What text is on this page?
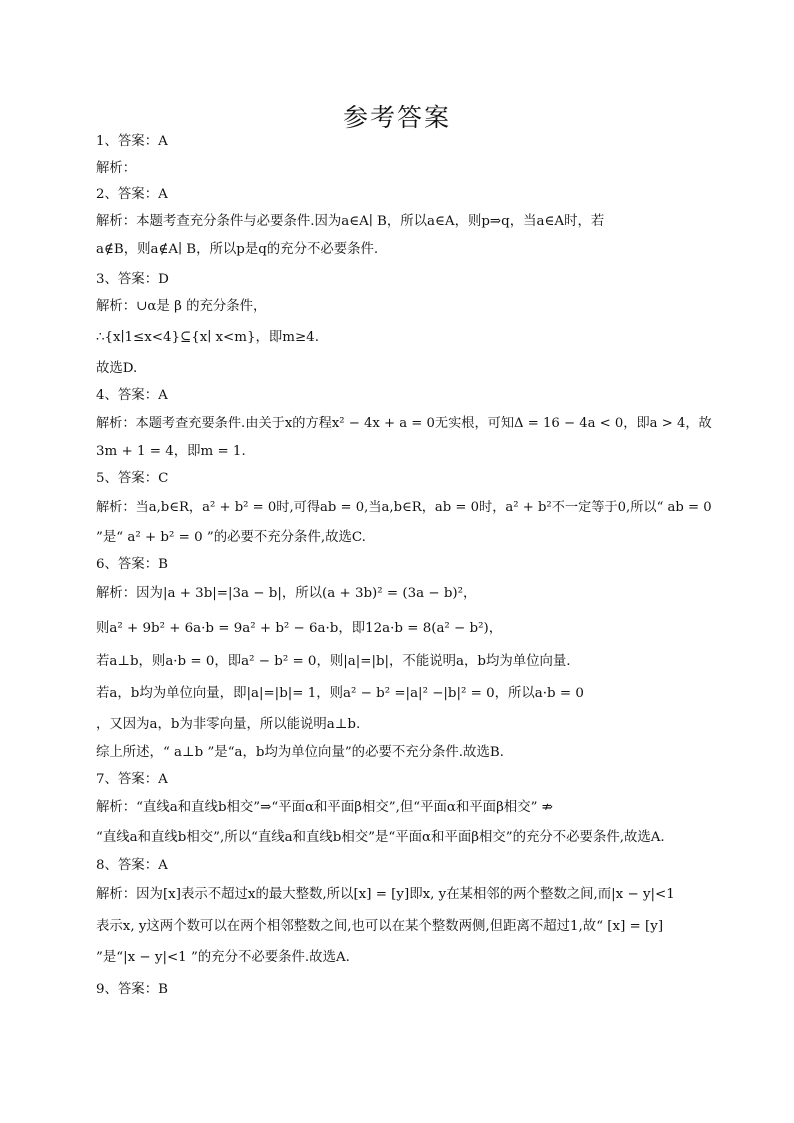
参考答案
1、答案：A
解析：
2、答案：A
解析：本题考查充分条件与必要条件.因为a∈A∣ B，所以a∈A，则p⇒q，当a∈A时，若
a∉B，则a∉A∣ B，所以p是q的充分不必要条件.
3、答案：D
解析：∪α是 β 的充分条件，
∴{x∣1≤x<4}⊆{x∣ x<m}，即m≥4.
故选D.
4、答案：A
解析：本题考查充要条件.由关于x的方程x² − 4x + a = 0无实根，可知Δ = 16 − 4a < 0，即a > 4，故
3m + 1 = 4，即m = 1.
5、答案：C
解析：当a,b∈R，a² + b² = 0时,可得ab = 0,当a,b∈R，ab = 0时，a² + b²不一定等于0,所以“ ab = 0
”是“ a² + b² = 0 ”的必要不充分条件,故选C.
6、答案：B
解析：因为|a + 3b|=|3a − b|，所以(a + 3b)² = (3a − b)²，
则a² + 9b² + 6a·b = 9a² + b² − 6a·b，即12a·b = 8(a² − b²)，
若a⊥b，则a·b = 0，即a² − b² = 0，则|a|=|b|，不能说明a，b均为单位向量.
若a，b均为单位向量，即|a|=|b|= 1，则a² − b² =|a|² −|b|² = 0，所以a·b = 0
，又因为a，b为非零向量，所以能说明a⊥b.
综上所述，“ a⊥b ”是“a，b均为单位向量”的必要不充分条件.故选B.
7、答案：A
解析：“直线a和直线b相交”⇒“平面α和平面β相交”,但“平面α和平面β相交” ⇏
“直线a和直线b相交”,所以“直线a和直线b相交”是“平面α和平面β相交”的充分不必要条件,故选A.
8、答案：A
解析：因为[x]表示不超过x的最大整数,所以[x] = [y]即x, y在某相邻的两个整数之间,而|x − y|<1
表示x, y这两个数可以在两个相邻整数之间,也可以在某个整数两侧,但距离不超过1,故“ [x] = [y]
”是“|x − y|<1 ”的充分不必要条件.故选A.
9、答案：B
